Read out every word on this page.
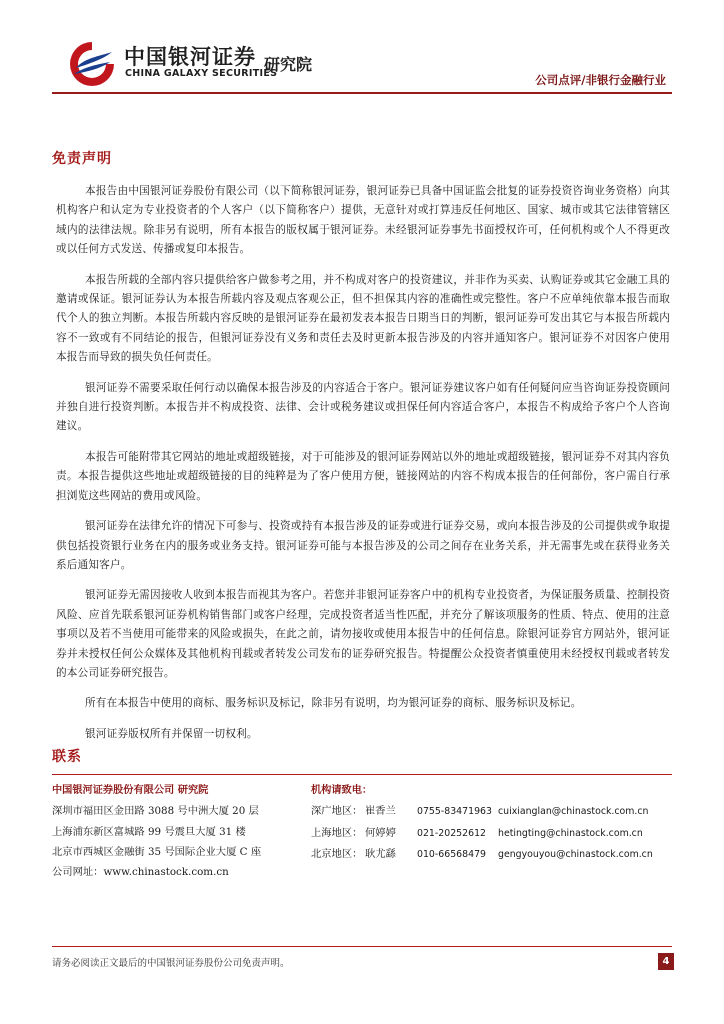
中国银河证券
CHINA GALAXY SECURITIES
研究院
公司点评/非银行金融行业
免责声明

本报告由中国银河证券股份有限公司（以下简称银河证券，银河证券已具备中国证监会批复的证券投资咨询业务资格）向其机构客户和认定为专业投资者的个人客户（以下简称客户）提供，无意针对或打算违反任何地区、国家、城市或其它法律管辖区域内的法律法规。除非另有说明，所有本报告的版权属于银河证券。未经银河证券事先书面授权许可，任何机构或个人不得更改或以任何方式发送、传播或复印本报告。

本报告所载的全部内容只提供给客户做参考之用，并不构成对客户的投资建议，并非作为买卖、认购证券或其它金融工具的邀请或保证。银河证券认为本报告所载内容及观点客观公正，但不担保其内容的准确性或完整性。客户不应单纯依靠本报告而取代个人的独立判断。本报告所载内容反映的是银河证券在最初发表本报告日期当日的判断，银河证券可发出其它与本报告所载内容不一致或有不同结论的报告，但银河证券没有义务和责任去及时更新本报告涉及的内容并通知客户。银河证券不对因客户使用本报告而导致的损失负任何责任。

银河证券不需要采取任何行动以确保本报告涉及的内容适合于客户。银河证券建议客户如有任何疑问应当咨询证券投资顾问并独自进行投资判断。本报告并不构成投资、法律、会计或税务建议或担保任何内容适合客户，本报告不构成给予客户个人咨询建议。

本报告可能附带其它网站的地址或超级链接，对于可能涉及的银河证券网站以外的地址或超级链接，银河证券不对其内容负责。本报告提供这些地址或超级链接的目的纯粹是为了客户使用方便，链接网站的内容不构成本报告的任何部份，客户需自行承担浏览这些网站的费用或风险。

银河证券在法律允许的情况下可参与、投资或持有本报告涉及的证券或进行证券交易，或向本报告涉及的公司提供或争取提供包括投资银行业务在内的服务或业务支持。银河证券可能与本报告涉及的公司之间存在业务关系，并无需事先或在获得业务关系后通知客户。

银河证券无需因接收人收到本报告而视其为客户。若您并非银河证券客户中的机构专业投资者，为保证服务质量、控制投资风险、应首先联系银河证券机构销售部门或客户经理，完成投资者适当性匹配，并充分了解该项服务的性质、特点、使用的注意事项以及若不当使用可能带来的风险或损失，在此之前，请勿接收或使用本报告中的任何信息。除银河证券官方网站外，银河证券并未授权任何公众媒体及其他机构刊载或者转发公司发布的证券研究报告。特提醒公众投资者慎重使用未经授权刊载或者转发的本公司证券研究报告。

所有在本报告中使用的商标、服务标识及标记，除非另有说明，均为银河证券的商标、服务标识及标记。

银河证券版权所有并保留一切权利。

联系
中国银河证券股份有限公司 研究院
深圳市福田区金田路 3088 号中洲大厦 20 层
上海浦东新区富城路 99 号震旦大厦 31 楼
北京市西城区金融街 35 号国际企业大厦 C 座
公司网址：www.chinastock.com.cn
机构请致电：
深广地区： 崔香兰 0755-83471963 cuixianglan@chinastock.com.cn
上海地区： 何婷婷 021-20252612 hetingting@chinastock.com.cn
北京地区： 耿尤繇 010-66568479 gengyouyou@chinastock.com.cn
请务必阅读正文最后的中国银河证券股份公司免责声明。	4
